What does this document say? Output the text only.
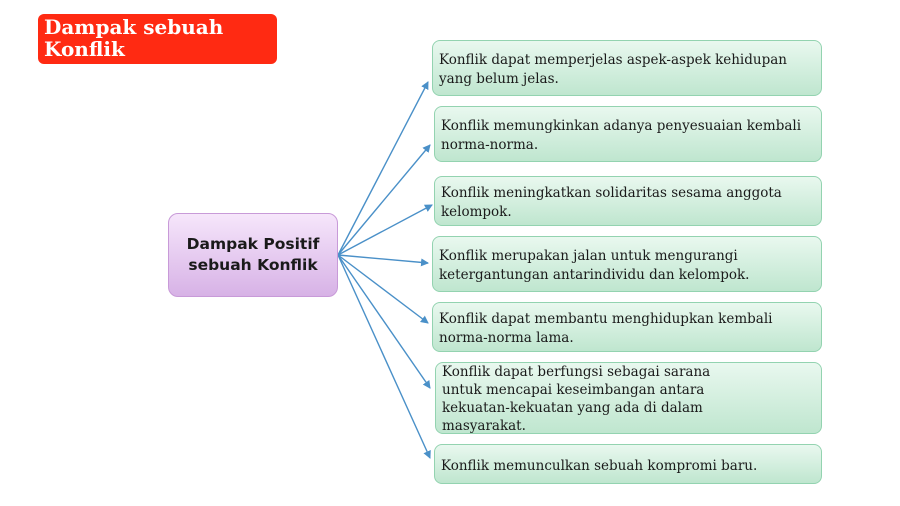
Dampak sebuah Konflik
Dampak Positif sebuah Konflik
Konflik dapat memperjelas aspek-aspek kehidupan yang belum jelas.
Konflik memungkinkan adanya penyesuaian kembali norma-norma.
Konflik meningkatkan solidaritas sesama anggota kelompok.
Konflik merupakan jalan untuk mengurangi ketergantungan antarindividu dan kelompok.
Konflik dapat membantu menghidupkan kembali norma-norma lama.
Konflik dapat berfungsi sebagai sarana untuk mencapai keseimbangan antara kekuatan-kekuatan yang ada di dalam masyarakat.
Konflik memunculkan sebuah kompromi baru.
